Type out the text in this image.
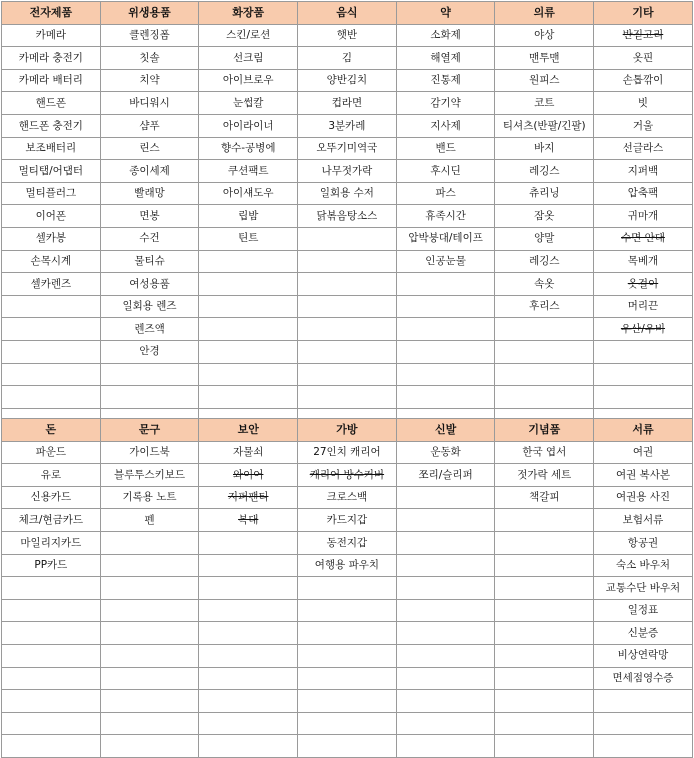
전자제품	위생용품	화장품	음식	약	의류	기타
카메라	클렌징폼	스킨/로션	햇반	소화제	야상	반짇고리
카메라 충전기	칫솔	선크림	김	해열제	맨투맨	옷핀
카메라 배터리	치약	아이브로우	양반김치	진통제	원피스	손톱깎이
핸드폰	바디워시	눈썹칼	컵라면	감기약	코트	빗
핸드폰 충전기	샴푸	아이라이너	3분카레	지사제	티셔츠(반팔/긴팔)	거울
보조배터리	린스	향수-공병에	오뚜기미역국	밴드	바지	선글라스
멀티탭/어댑터	종이세제	쿠션팩트	나무젓가락	후시딘	레깅스	지퍼백
멀티플러그	빨래망	아이섀도우	일회용 수저	파스	츄리닝	압축팩
이어폰	면봉	립밤	닭볶음탕소스	휴족시간	잠옷	귀마개
셀카봉	수건	틴트		압박붕대/테이프	양말	수면 안대
손목시계	물티슈			인공눈물	레깅스	목베개
셀카렌즈	여성용품				속옷	옷걸이
	일회용 렌즈				후리스	머리끈
	렌즈액					우산/우비
	안경					

돈	문구	보안	가방	신발	기념품	서류
파운드	가이드북	자물쇠	27인치 캐리어	운동화	한국 엽서	여권
유로	블루투스키보드	와이어	캐리어 방수커버	쪼리/슬리퍼	젓가락 세트	여권 복사본
신용카드	기록용 노트	지퍼팬티	크로스백		책갈피	여권용 사진
체크/현금카드	펜	복대	카드지갑			보험서류
마일리지카드			동전지갑			항공권
PP카드			여행용 파우치			숙소 바우처
						교통수단 바우처
						일정표
						신분증
						비상연락망
						면세점영수증
